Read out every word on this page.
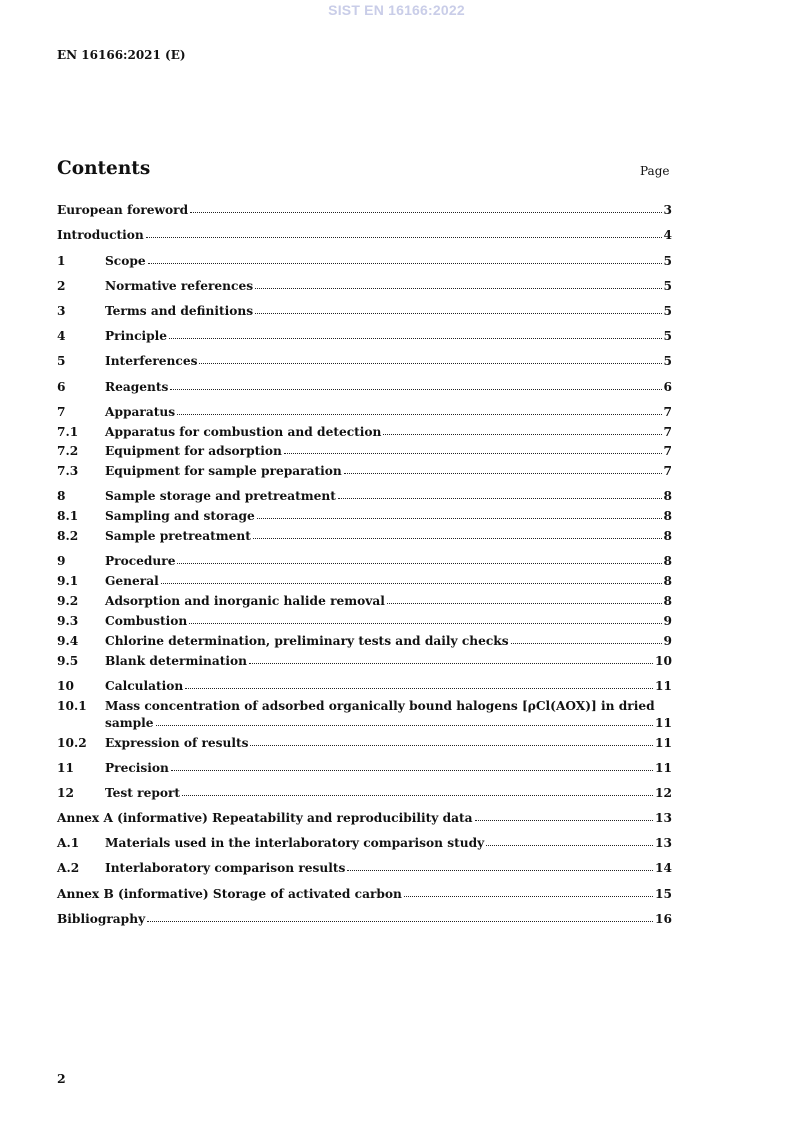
SIST EN 16166:2022
EN 16166:2021 (E)
Contents	Page
European foreword	3
Introduction	4
1	Scope	5
2	Normative references	5
3	Terms and definitions	5
4	Principle	5
5	Interferences	5
6	Reagents	6
7	Apparatus	7
7.1 Apparatus for combustion and detection	7
7.2 Equipment for adsorption	7
7.3 Equipment for sample preparation	7
8	Sample storage and pretreatment	8
8.1 Sampling and storage	8
8.2 Sample pretreatment	8
9	Procedure	8
9.1 General	8
9.2 Adsorption and inorganic halide removal	8
9.3 Combustion	9
9.4 Chlorine determination, preliminary tests and daily checks	9
9.5 Blank determination	10
10	Calculation	11
10.1 Mass concentration of adsorbed organically bound halogens [ρCl(AOX)] in dried
sample	11
10.2 Expression of results	11
11	Precision	11
12	Test report	12
Annex A (informative) Repeatability and reproducibility data	13
A.1 Materials used in the interlaboratory comparison study	13
A.2 Interlaboratory comparison results	14
Annex B (informative) Storage of activated carbon	15
Bibliography	16
2
